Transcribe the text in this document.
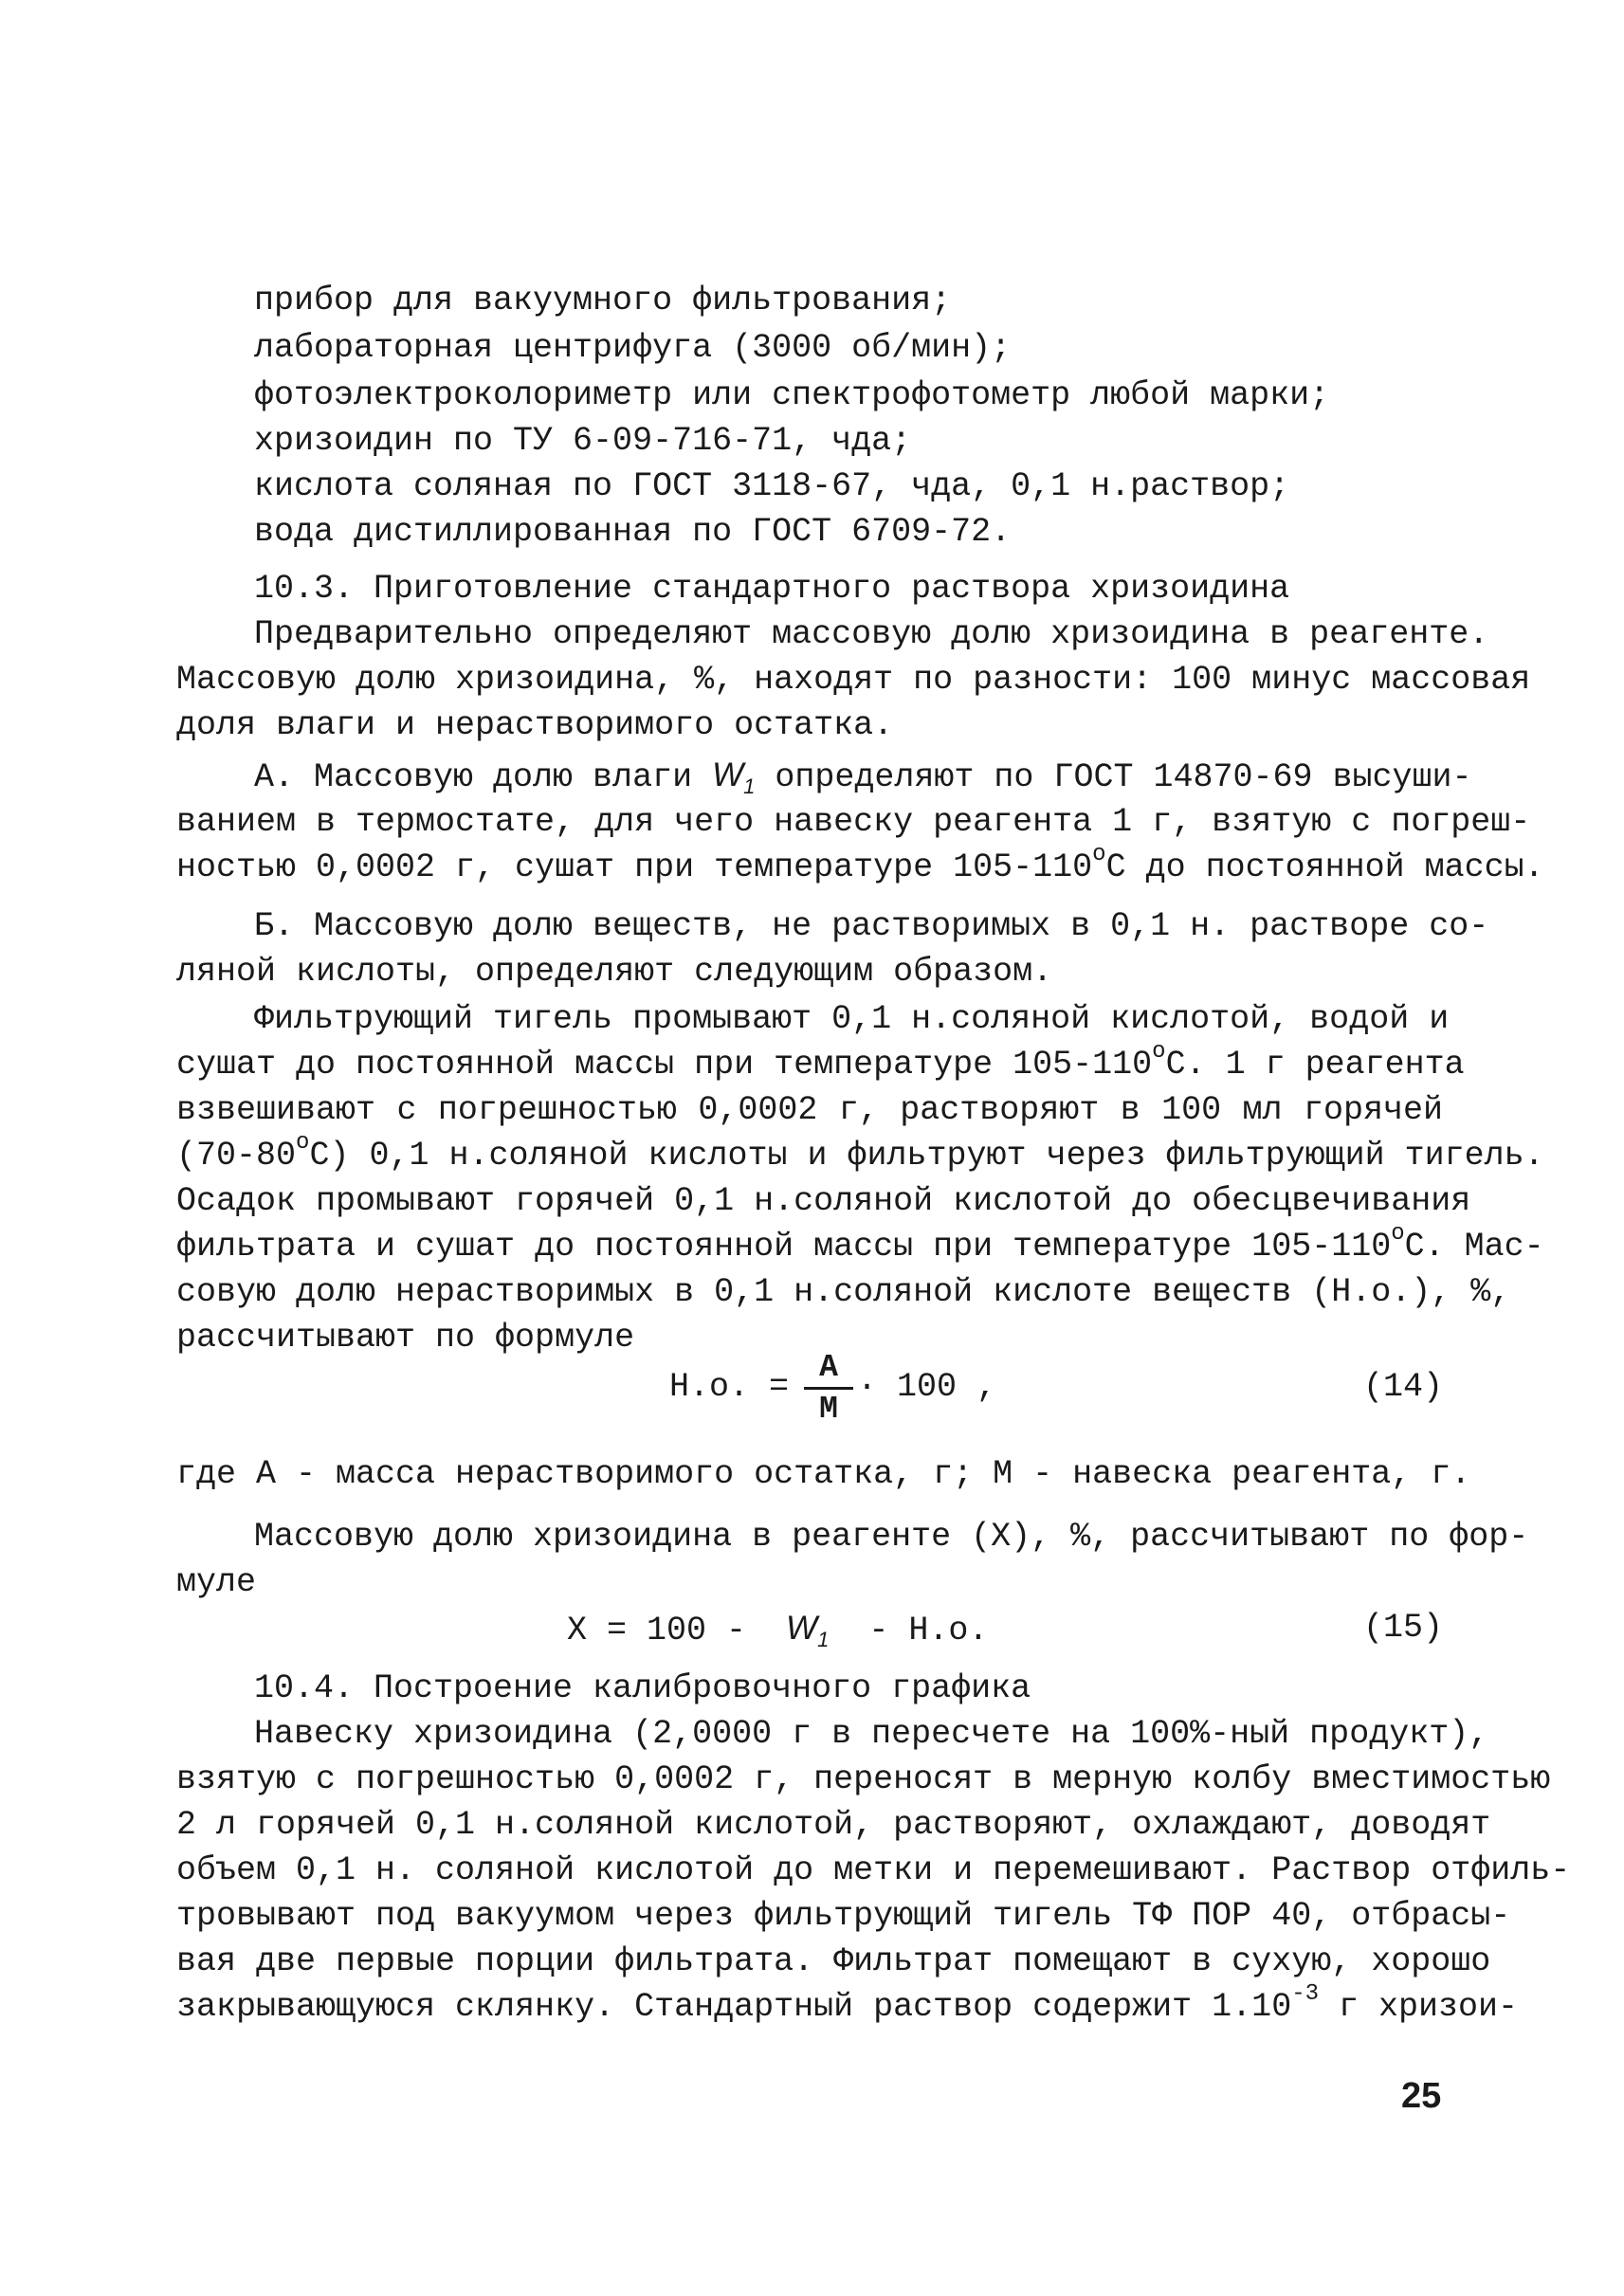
прибор для вакуумного фильтрования;
лабораторная центрифуга (3000 об/мин);
фотоэлектроколориметр или спектрофотометр любой марки;
хризоидин по ТУ 6-09-716-71, чда;
кислота соляная по ГОСТ 3118-67, чда, 0,1 н.раствор;
вода дистиллированная по ГОСТ 6709-72.
10.3. Приготовление стандартного раствора хризоидина
Предварительно определяют массовую долю хризоидина в реагенте.
Массовую долю хризоидина, %, находят по разности: 100 минус массовая
доля влаги и нерастворимого остатка.
А. Массовую долю влаги $W_1$ определяют по ГОСТ 14870-69 высуши-
ванием в термостате, для чего навеску реагента 1 г, взятую с погреш-
ностью 0,0002 г, сушат при температуре $105-110^оС$ до постоянной массы.
Б. Массовую долю веществ, не растворимых в 0,1 н. растворе со-
ляной кислоты, определяют следующим образом.
Фильтрующий тигель промывают 0,1 н.соляной кислотой, водой и
сушат до постоянной массы при температуре $105-110^оС$. 1 г реагента
взвешивают с погрешностью 0,0002 г, растворяют в 100 мл горячей
$(70-80^оС)$ 0,1 н.соляной кислоты и фильтруют через фильтрующий тигель.
Осадок промывают горячей 0,1 н.соляной кислотой до обесцвечивания
фильтрата и сушат до постоянной массы при температуре $105-110^оС$. Мас-
совую долю нерастворимых в 0,1 н.соляной кислоте веществ (Н.о.), %,
рассчитывают по формуле
Н.о. =
А
М
· 100 ,	(14)
где А - масса нерастворимого остатка, г; М - навеска реагента, г.
Массовую долю хризоидина в реагенте (Х), %, рассчитывают по фор-
муле
$X = 100 - W_1 - Н.о$.	(15)
10.4. Построение калибровочного графика
Навеску хризоидина (2,0000 г в пересчете на 100%-ный продукт),
взятую с погрешностью 0,0002 г, переносят в мерную колбу вместимостью
2 л горячей 0,1 н.соляной кислотой, растворяют, охлаждают, доводят
объем 0,1 н. соляной кислотой до метки и перемешивают. Раствор отфиль-
тровывают под вакуумом через фильтрующий тигель ТФ ПОР 40, отбрасы-
вая две первые порции фильтрата. Фильтрат помещают в сухую, хорошо
закрывающуюся склянку. Стандартный раствор содержит $1.10^{-3}$ г хризои-
25
